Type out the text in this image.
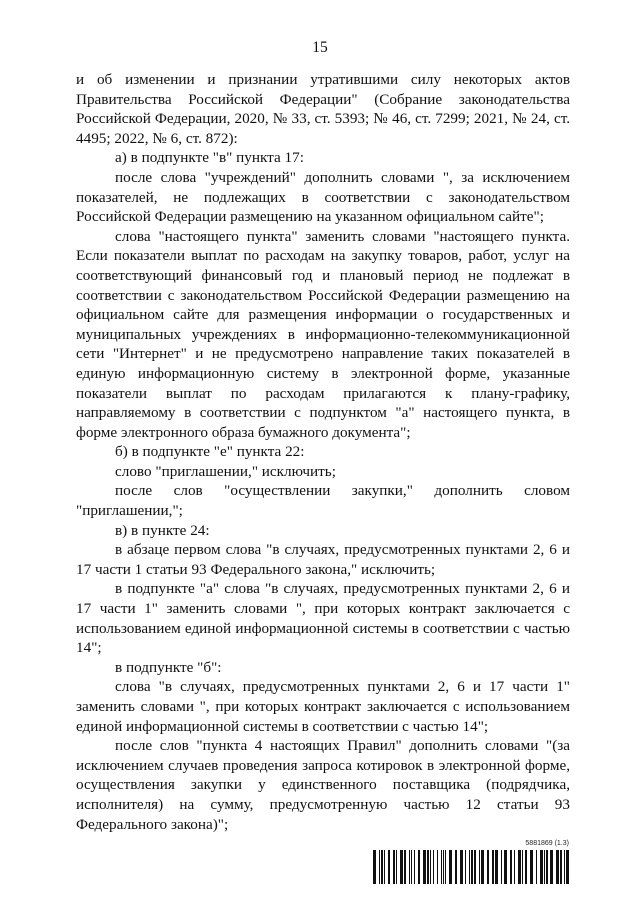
15

и об изменении и признании утратившими силу некоторых актов Правительства Российской Федерации" (Собрание законодательства Российской Федерации, 2020, № 33, ст. 5393; № 46, ст. 7299; 2021, № 24, ст. 4495; 2022, № 6, ст. 872):

а) в подпункте "в" пункта 17:

после слова "учреждений" дополнить словами ", за исключением показателей, не подлежащих в соответствии с законодательством Российской Федерации размещению на указанном официальном сайте";

слова "настоящего пункта" заменить словами "настоящего пункта. Если показатели выплат по расходам на закупку товаров, работ, услуг на соответствующий финансовый год и плановый период не подлежат в соответствии с законодательством Российской Федерации размещению на официальном сайте для размещения информации о государственных и муниципальных учреждениях в информационно-телекоммуникационной сети "Интернет" и не предусмотрено направление таких показателей в единую информационную систему в электронной форме, указанные показатели выплат по расходам прилагаются к плану-графику, направляемому в соответствии с подпунктом "а" настоящего пункта, в форме электронного образа бумажного документа";

б) в подпункте "е" пункта 22:

слово "приглашении," исключить;

после слов "осуществлении закупки," дополнить словом "приглашении,";

в) в пункте 24:

в абзаце первом слова "в случаях, предусмотренных пунктами 2, 6 и 17 части 1 статьи 93 Федерального закона," исключить;

в подпункте "а" слова "в случаях, предусмотренных пунктами 2, 6 и 17 части 1" заменить словами ", при которых контракт заключается с использованием единой информационной системы в соответствии с частью 14";

в подпункте "б":

слова "в случаях, предусмотренных пунктами 2, 6 и 17 части 1" заменить словами ", при которых контракт заключается с использованием единой информационной системы в соответствии с частью 14";

после слов "пункта 4 настоящих Правил" дополнить словами "(за исключением случаев проведения запроса котировок в электронной форме, осуществления закупки у единственного поставщика (подрядчика, исполнителя) на сумму, предусмотренную частью 12 статьи 93 Федерального закона)";

5881869 (1.3)
